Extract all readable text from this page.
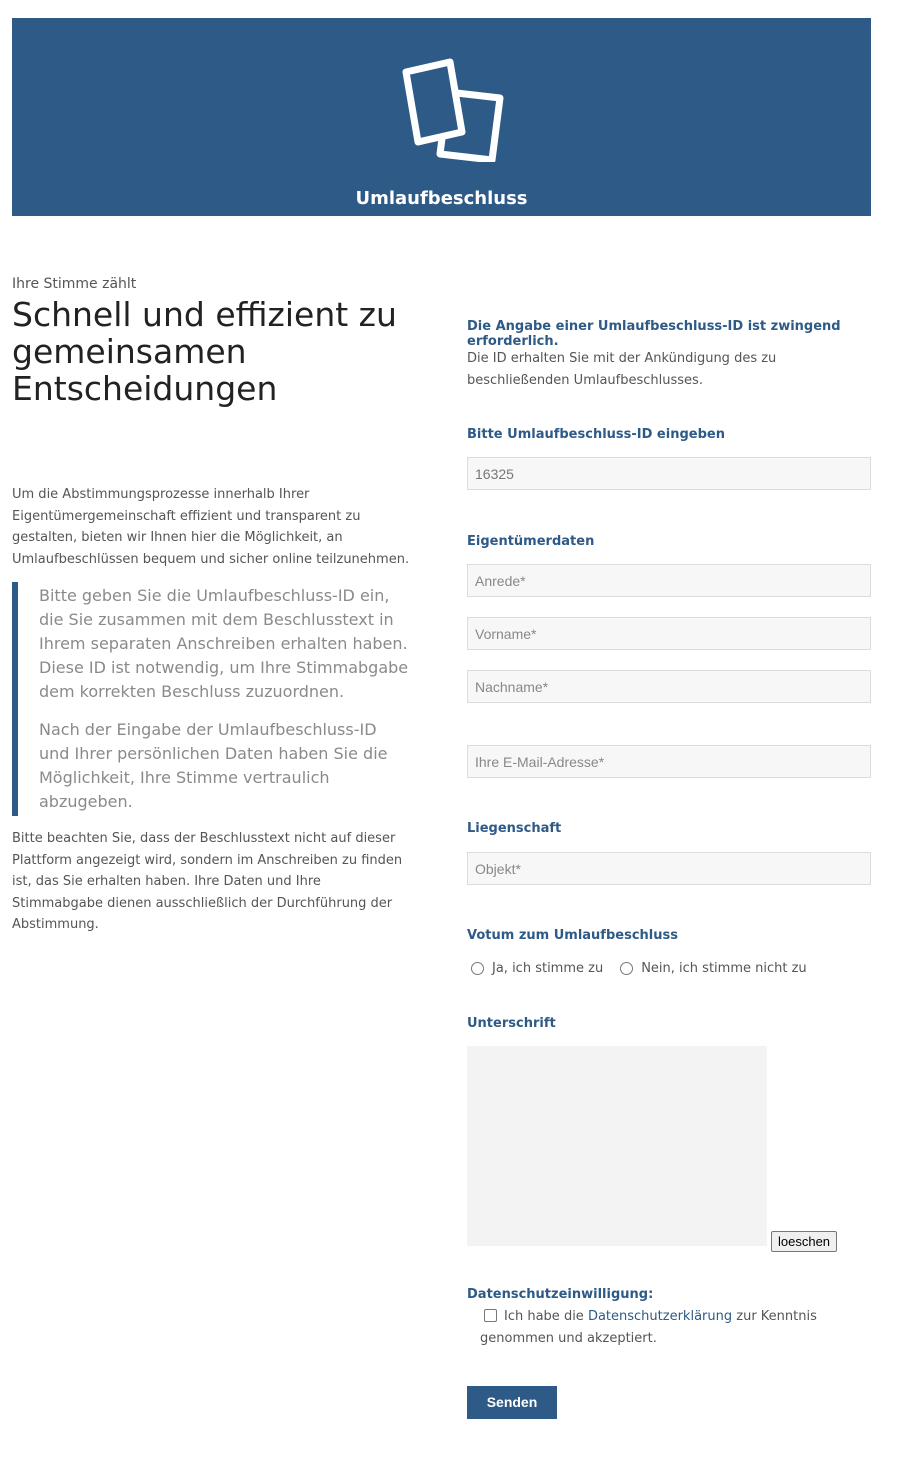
Umlaufbeschluss
Ihre Stimme zählt
Schnell und effizient zu gemeinsamen Entscheidungen

Um die Abstimmungsprozesse innerhalb Ihrer Eigentümergemeinschaft effizient und transparent zu gestalten, bieten wir Ihnen hier die Möglichkeit, an Umlaufbeschlüssen bequem und sicher online teilzunehmen.

Bitte geben Sie die Umlaufbeschluss-ID ein, die Sie zusammen mit dem Beschlusstext in Ihrem separaten Anschreiben erhalten haben. Diese ID ist notwendig, um Ihre Stimmabgabe dem korrekten Beschluss zuzuordnen.

Nach der Eingabe der Umlaufbeschluss-ID und Ihrer persönlichen Daten haben Sie die Möglichkeit, Ihre Stimme vertraulich abzugeben.

Bitte beachten Sie, dass der Beschlusstext nicht auf dieser Plattform angezeigt wird, sondern im Anschreiben zu finden ist, das Sie erhalten haben. Ihre Daten und Ihre Stimmabgabe dienen ausschließlich der Durchführung der Abstimmung.

Die Angabe einer Umlaufbeschluss-ID ist zwingend erforderlich.
Die ID erhalten Sie mit der Ankündigung des zu beschließenden Umlaufbeschlusses.
Bitte Umlaufbeschluss-ID eingeben
16325
Eigentümerdaten
Anrede*
Vorname*
Nachname*
Ihre E-Mail-Adresse*
Liegenschaft
Objekt*
Votum zum Umlaufbeschluss
Ja, ich stimme zu	Nein, ich stimme nicht zu
Unterschrift
loeschen
Datenschutzeinwilligung:

Ich habe die Datenschutzerklärung zur Kenntnis genommen und akzeptiert.

Senden
